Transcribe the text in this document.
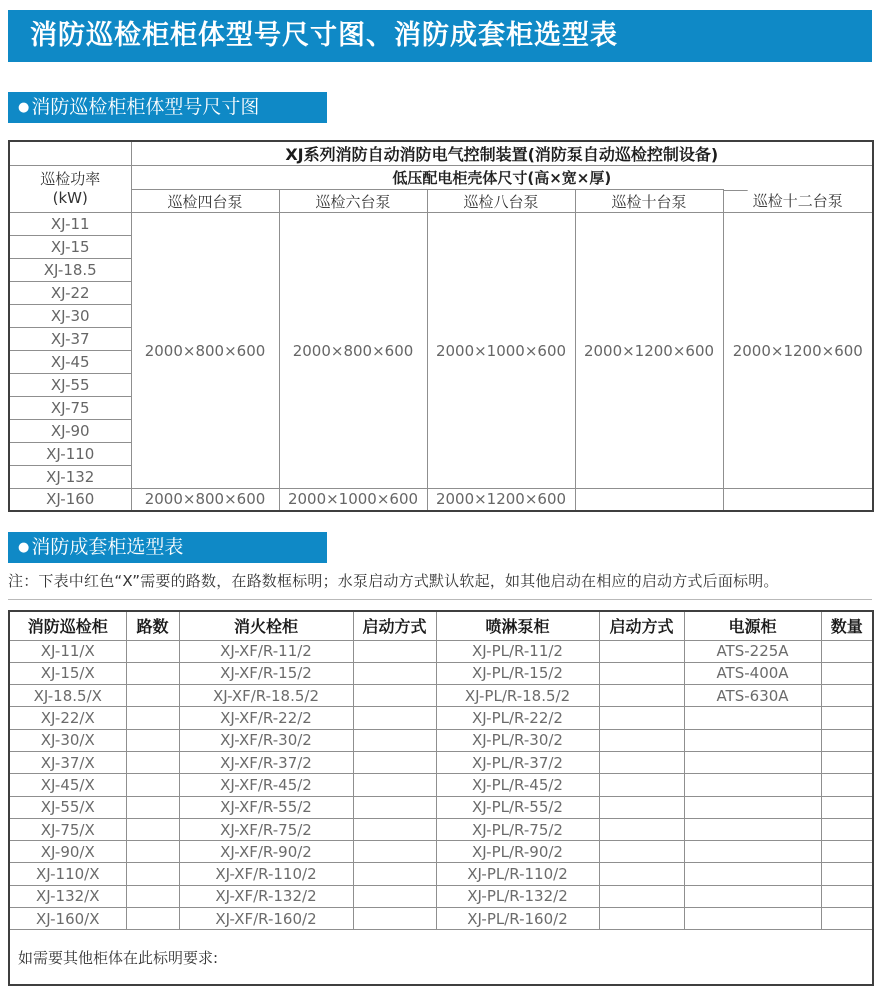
消防巡检柜柜体型号尺寸图、消防成套柜选型表
● 消防巡检柜柜体型号尺寸图
	XJ系列消防自动消防电气控制装置(消防泵自动巡检控制设备)				

巡检功率
(kW)	低压配电柜壳体尺寸(高×宽×厚)				
	巡检四台泵	巡检六台泵	巡检八台泵	巡检十台泵	巡检十二台泵
XJ-11	2000×800×600	2000×800×600	2000×1000×600	2000×1200×600	2000×1200×600
XJ-15					
XJ-18.5					
XJ-22					
XJ-30					
XJ-37					
XJ-45					
XJ-55					
XJ-75					
XJ-90					
XJ-110					
XJ-132					
XJ-160	2000×800×600	2000×1000×600	2000×1200×600		
● 消防成套柜选型表
注：下表中红色“X”需要的路数，在路数框标明；水泵启动方式默认软起，如其他启动在相应的启动方式后面标明。
消防巡检柜	路数	消火栓柜	启动方式	喷淋泵柜	启动方式	电源柜	数量
XJ-11/X		XJ-XF/R-11/2		XJ-PL/R-11/2		ATS-225A	
XJ-15/X		XJ-XF/R-15/2		XJ-PL/R-15/2		ATS-400A	
XJ-18.5/X		XJ-XF/R-18.5/2		XJ-PL/R-18.5/2		ATS-630A	
XJ-22/X		XJ-XF/R-22/2		XJ-PL/R-22/2			
XJ-30/X		XJ-XF/R-30/2		XJ-PL/R-30/2			
XJ-37/X		XJ-XF/R-37/2		XJ-PL/R-37/2			
XJ-45/X		XJ-XF/R-45/2		XJ-PL/R-45/2			
XJ-55/X		XJ-XF/R-55/2		XJ-PL/R-55/2			
XJ-75/X		XJ-XF/R-75/2		XJ-PL/R-75/2			
XJ-90/X		XJ-XF/R-90/2		XJ-PL/R-90/2			
XJ-110/X		XJ-XF/R-110/2		XJ-PL/R-110/2			
XJ-132/X		XJ-XF/R-132/2		XJ-PL/R-132/2			
XJ-160/X		XJ-XF/R-160/2		XJ-PL/R-160/2			
如需要其他柜体在此标明要求:							
